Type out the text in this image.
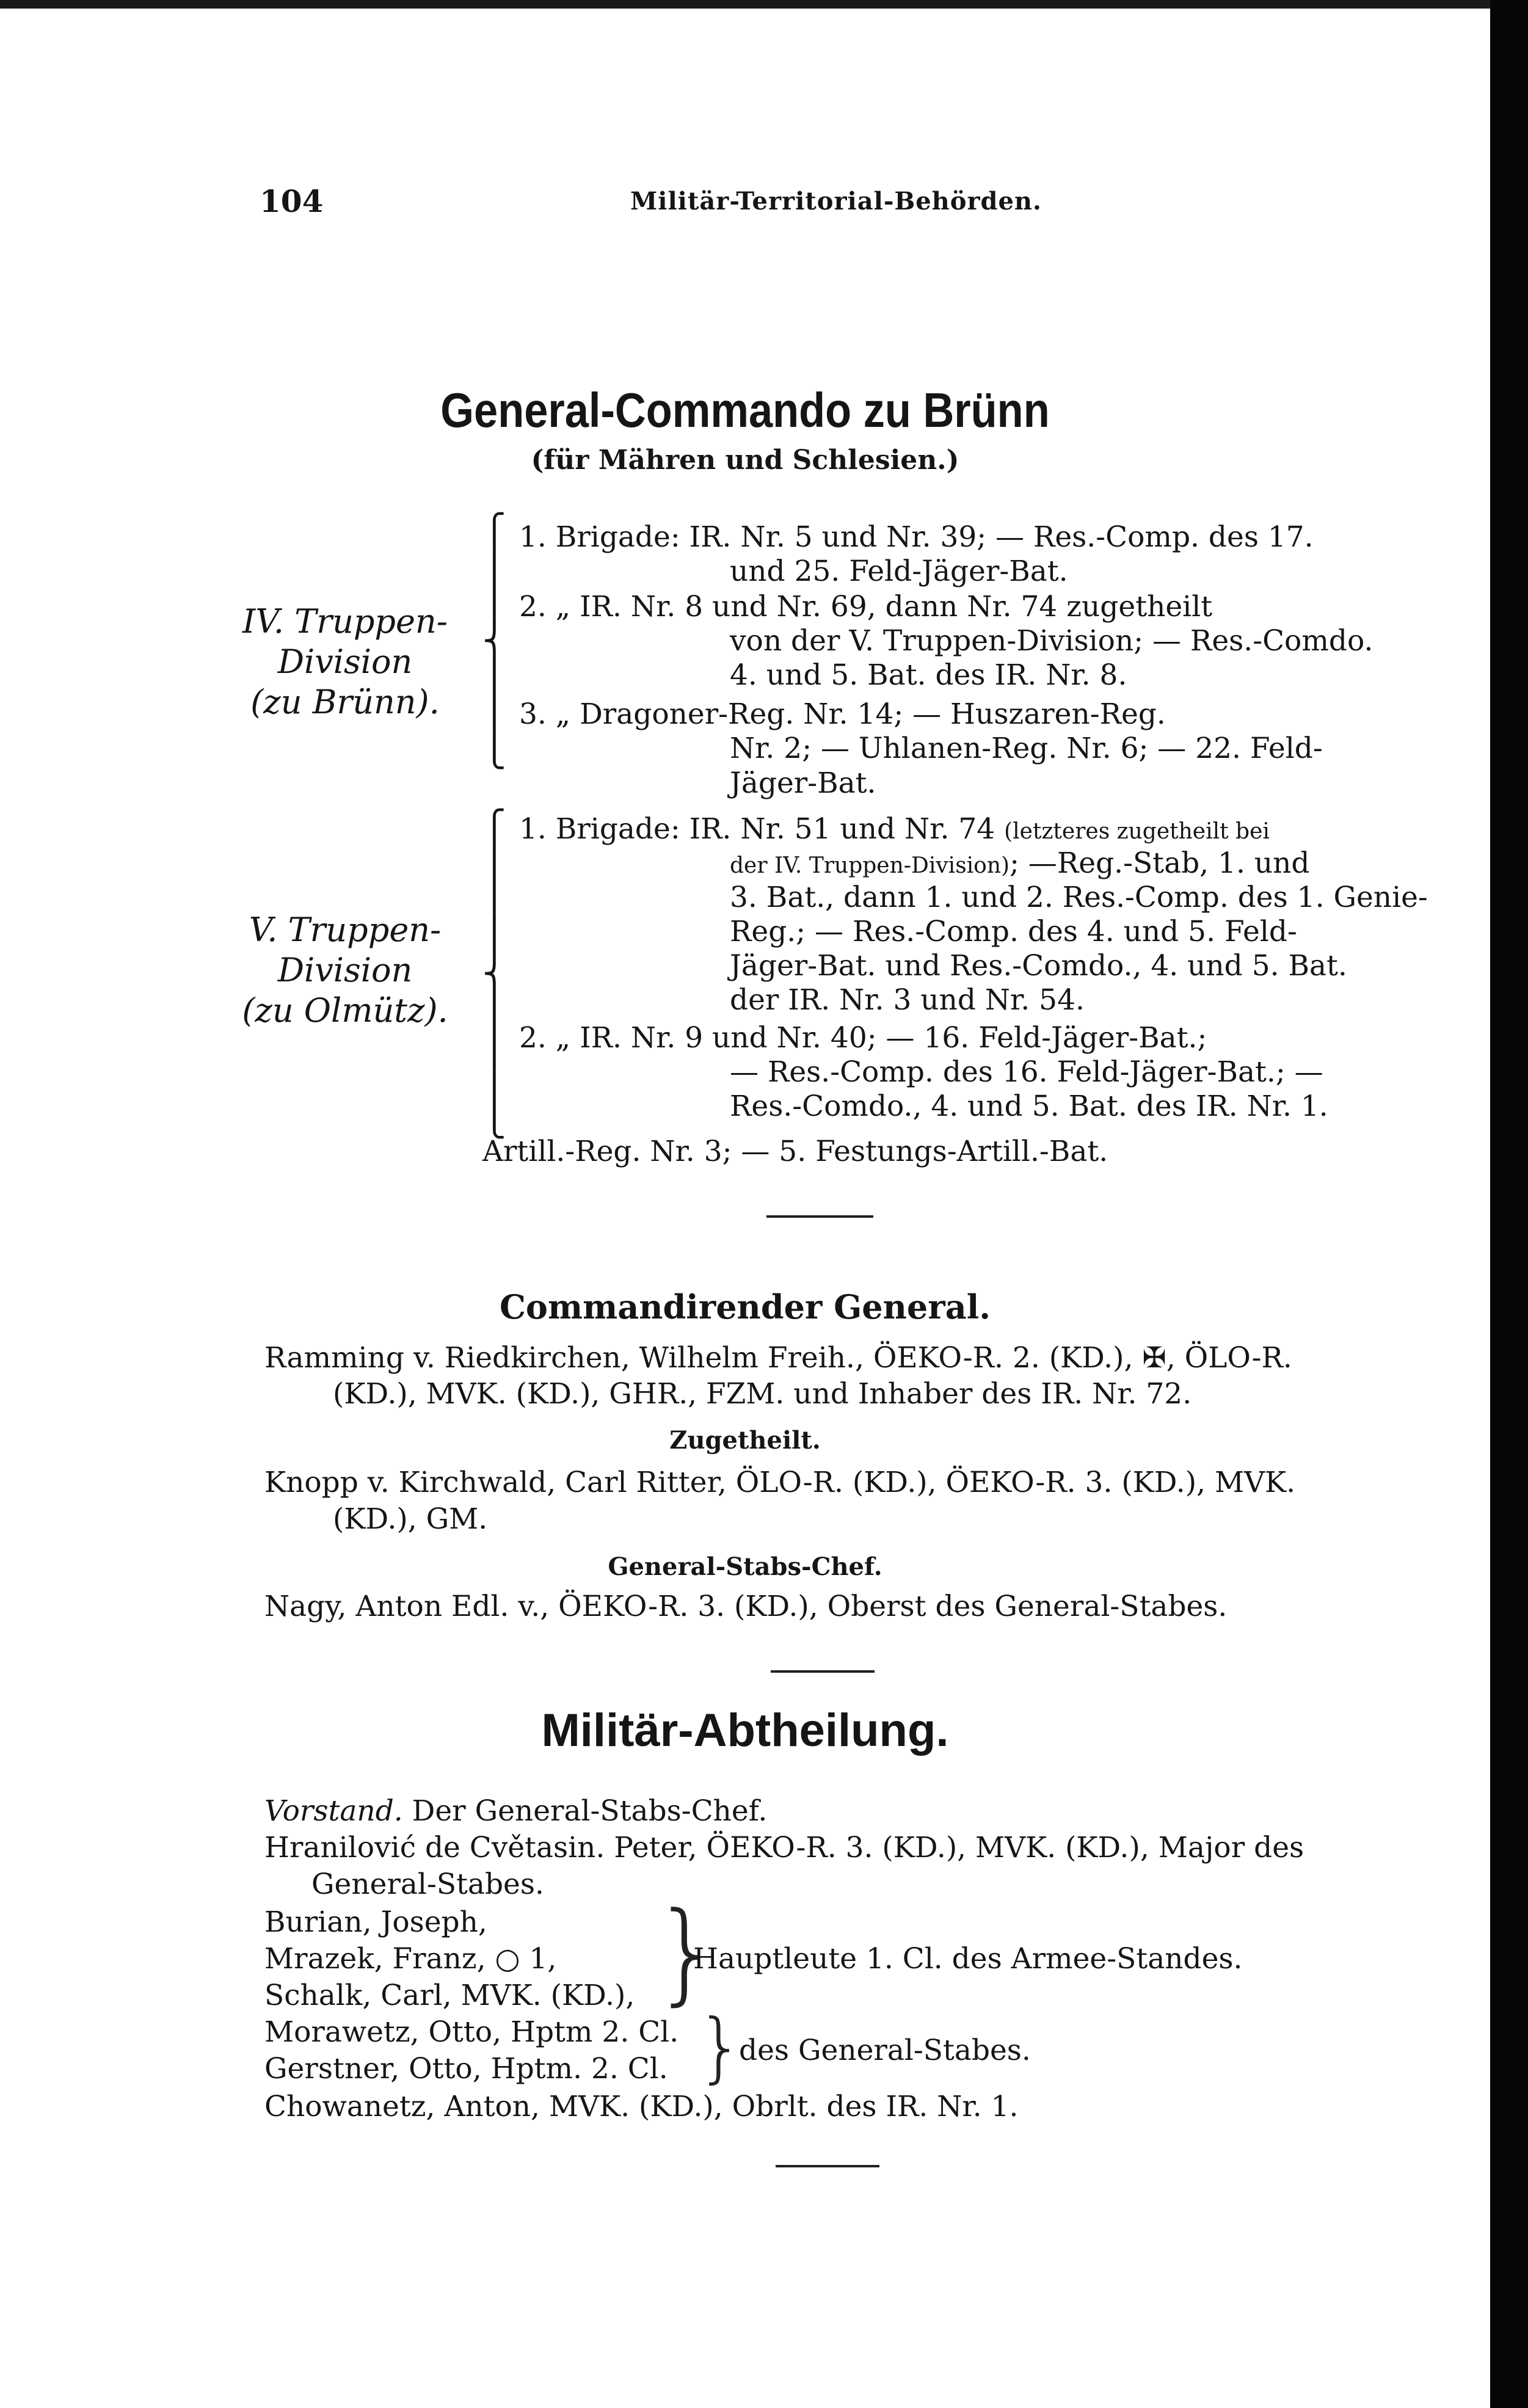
104	Militär-Territorial-Behörden.
General-Commando zu Brünn
(für Mähren und Schlesien.)
IV. Truppen-
Division
(zu Brünn).
⎧
⎪
⎪
⎨
⎪
⎪
⎩
1. Brigade: IR. Nr. 5 und Nr. 39; — Res.-Comp. des 17.
und 25. Feld-Jäger-Bat.
2. „ IR. Nr. 8 und Nr. 69, dann Nr. 74 zugetheilt
von der V. Truppen-Division; — Res.-Comdo.
4. und 5. Bat. des IR. Nr. 8.
3. „ Dragoner-Reg. Nr. 14; — Huszaren-Reg.
Nr. 2; — Uhlanen-Reg. Nr. 6; — 22. Feld-
Jäger-Bat.
V. Truppen-
Division
(zu Olmütz).
⎧
⎪
⎪
⎪
⎨
⎪
⎪
⎪
⎩
1. Brigade: IR. Nr. 51 und Nr. 74 (letzteres zugetheilt bei
der IV. Truppen-Division); —Reg.-Stab, 1. und
3. Bat., dann 1. und 2. Res.-Comp. des 1. Genie-
Reg.; — Res.-Comp. des 4. und 5. Feld-
Jäger-Bat. und Res.-Comdo., 4. und 5. Bat.
der IR. Nr. 3 und Nr. 54.
2. „ IR. Nr. 9 und Nr. 40; — 16. Feld-Jäger-Bat.;
— Res.-Comp. des 16. Feld-Jäger-Bat.; —
Res.-Comdo., 4. und 5. Bat. des IR. Nr. 1.
Artill.-Reg. Nr. 3; — 5. Festungs-Artill.-Bat.
Commandirender General.
Ramming v. Riedkirchen, Wilhelm Freih., ÖEKO-R. 2. (KD.), ✠, ÖLO-R.
(KD.), MVK. (KD.), GHR., FZM. und Inhaber des IR. Nr. 72.
Zugetheilt.
Knopp v. Kirchwald, Carl Ritter, ÖLO-R. (KD.), ÖEKO-R. 3. (KD.), MVK.
(KD.), GM.
General-Stabs-Chef.
Nagy, Anton Edl. v., ÖEKO-R. 3. (KD.), Oberst des General-Stabes.
Militär-Abtheilung.
Vorstand. Der General-Stabs-Chef.
Hranilović de Cvětasin. Peter, ÖEKO-R. 3. (KD.), MVK. (KD.), Major des
General-Stabes.
Burian, Joseph,
Mrazek, Franz, ○ 1,
Schalk, Carl, MVK. (KD.), }
Hauptleute 1. Cl. des Armee-Standes.
Morawetz, Otto, Hptm 2. Cl.
Gerstner, Otto, Hptm. 2. Cl. }
des General-Stabes.
Chowanetz, Anton, MVK. (KD.), Obrlt. des IR. Nr. 1.
